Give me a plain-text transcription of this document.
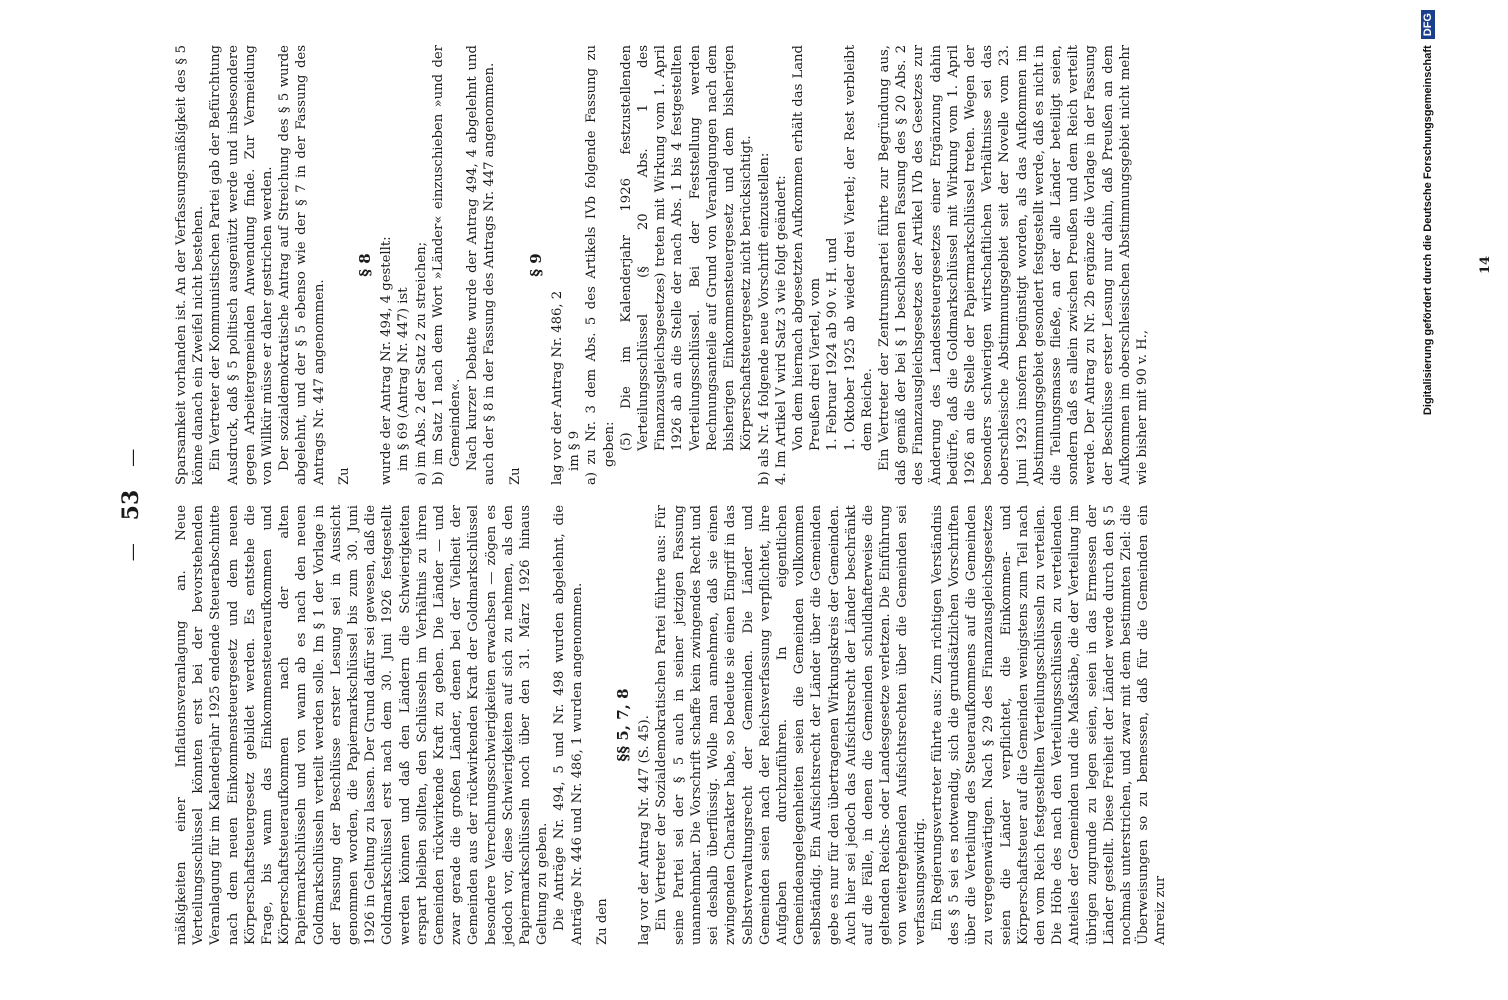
—   53   —

mäßigkeiten einer Inflationsveranlagung an. Neue Verteilungsschlüssel könnten erst bei der bevorstehenden Veranlagung für im Kalenderjahr 1925 endende Steuerabschnitte nach dem neuen Einkommensteuergesetz und dem neuen Körperschaftsteuergesetz gebildet werden. Es entstehe die Frage, bis wann das Einkommensteueraufkommen und Körperschaftsteueraufkommen nach der alten Papiermarkschlüsseln und von wann ab es nach den neuen Goldmarkschlüsseln verteilt werden solle. Im § 1 der Vorlage in der Fassung der Beschlüsse erster Lesung sei in Aussicht genommen worden, die Papiermarkschlüssel bis zum 30. Juni 1926 in Geltung zu lassen. Der Grund dafür sei gewesen, daß die Goldmarkschlüssel erst nach dem 30. Juni 1926 festgestellt werden können und daß den Ländern die Schwierigkeiten erspart bleiben sollten, den Schlüsseln im Verhältnis zu ihren Gemeinden rückwirkende Kraft zu geben. Die Länder — und zwar gerade die großen Länder, denen bei der Vielheit der Gemeinden aus der rückwirkenden Kraft der Goldmarkschlüssel besondere Verrechnungsschwierigkeiten erwachsen — zögen es jedoch vor, diese Schwierigkeiten auf sich zu nehmen, als den Papiermarkschlüsseln noch über den 31. März 1926 hinaus Geltung zu geben. Die Anträge Nr. 494, 5 und Nr. 498 wurden abgelehnt, die Anträge Nr. 446 und Nr. 486, 1 wurden angenommen. Zu den

§§ 5, 7, 8 lag vor der Antrag Nr. 447 (S. 45). Ein Vertreter der Sozialdemokratischen Partei führte aus: Für seine Partei sei der § 5 auch in seiner jetzigen Fassung unannehmbar. Die Vorschrift schaffe kein zwingendes Recht und sei deshalb überflüssig. Wolle man annehmen, daß sie einen zwingenden Charakter habe, so bedeute sie einen Eingriff in das Selbstverwaltungsrecht der Gemeinden. Die Länder und Gemeinden seien nach der Reichsverfassung verpflichtet, ihre Aufgaben durchzuführen. In eigentlichen Gemeindeangelegenheiten seien die Gemeinden vollkommen selbständig. Ein Aufsichtsrecht der Länder über die Gemeinden gebe es nur für den übertragenen Wirkungskreis der Gemeinden. Auch hier sei jedoch das Aufsichtsrecht der Länder beschränkt auf die Fälle, in denen die Gemeinden schuldhafterweise die geltenden Reichs- oder Landesgesetze verletzen. Die Einführung von weitergehenden Aufsichtsrechten über die Gemeinden sei verfassungswidrig. Ein Regierungsvertreter führte aus: Zum richtigen Verständnis des § 5 sei es notwendig, sich die grundsätzlichen Vorschriften über die Verteilung des Steueraufkommens auf die Gemeinden zu vergegenwärtigen. Nach § 29 des Finanzausgleichsgesetzes seien die Länder verpflichtet, die Einkommen- und Körperschaftsteuer auf die Gemeinden wenigstens zum Teil nach den vom Reich festgestellten Verteilungsschlüsseln zu verteilen. Die Höhe des nach den Verteilungsschlüsseln zu verteilenden Anteiles der Gemeinden und die Maßstäbe, die der Verteilung im übrigen zugrunde zu legen seien, seien in das Ermessen der Länder gestellt. Diese Freiheit der Länder werde durch den § 5 nochmals unterstrichen, und zwar mit dem bestimmten Ziel: die Überweisungen so zu bemessen, daß für die Gemeinden ein Anreiz zur

Sparsamkeit vorhanden ist. An der Verfassungsmäßigkeit des § 5 könne danach ein Zweifel nicht bestehen. Ein Vertreter der Kommunistischen Partei gab der Befürchtung Ausdruck, daß § 5 politisch ausgenützt werde und insbesondere gegen Arbeitergemeinden Anwendung finde. Zur Vermeidung von Willkür müsse er daher gestrichen werden. Der sozialdemokratische Antrag auf Streichung des § 5 wurde abgelehnt, und der § 5 ebenso wie der § 7 in der Fassung des Antrags Nr. 447 angenommen. Zu

§ 8 wurde der Antrag Nr. 494, 4 gestellt: im § 69 (Antrag Nr. 447) ist a) im Abs. 2 der Satz 2 zu streichen; b) im Satz 1 nach dem Wort »Länder« einzuschieben »und der Gemeinden«. Nach kurzer Debatte wurde der Antrag 494, 4 abgelehnt und auch der § 8 in der Fassung des Antrags Nr. 447 angenommen. Zu

§ 9

lag vor der Antrag Nr. 486, 2 im § 9 a) zu Nr. 3 dem Abs. 5 des Artikels IVb folgende Fassung zu geben: (5) Die im Kalenderjahr 1926 festzustellenden Verteilungsschlüssel (§ 20 Abs. 1 des Finanzausgleichsgesetzes) treten mit Wirkung vom 1. April 1926 ab an die Stelle der nach Abs. 1 bis 4 festgestellten Verteilungsschlüssel. Bei der Feststellung werden Rechnungsanteile auf Grund von Veranlagungen nach dem bisherigen Einkommensteuergesetz und dem bisherigen Körperschaftsteuergesetz nicht berücksichtigt. b) als Nr. 4 folgende neue Vorschrift einzustellen: 4. Im Artikel V wird Satz 3 wie folgt geändert: Von dem hiernach abgesetzten Aufkommen erhält das Land Preußen drei Viertel, vom 1. Februar 1924 ab 90 v. H. und 1. Oktober 1925 ab wieder drei Viertel; der Rest verbleibt dem Reiche. Ein Vertreter der Zentrumspartei führte zur Begründung aus, daß gemäß der bei § 1 beschlossenen Fassung des § 20 Abs. 2 des Finanzausgleichsgesetzes der Artikel IVb des Gesetzes zur Änderung des Landessteuergesetzes einer Ergänzung dahin bedürfe, daß die Goldmarkschlüssel mit Wirkung vom 1. April 1926 an die Stelle der Papiermarkschlüssel treten. Wegen der besonders schwierigen wirtschaftlichen Verhältnisse sei das oberschlesische Abstimmungsgebiet seit der Novelle vom 23. Juni 1923 insofern begünstigt worden, als das Aufkommen im Abstimmungsgebiet gesondert festgestellt werde, daß es nicht in die Teilungsmasse fließe, an der alle Länder beteiligt seien, sondern daß es allein zwischen Preußen und dem Reich verteilt werde. Der Antrag zu Nr. 2b ergänze die Vorlage in der Fassung der Beschlüsse erster Lesung nur dahin, daß Preußen an dem Aufkommen im oberschlesischen Abstimmungsgebiet nicht mehr wie bisher mit 90 v. H.,

14
Digitalisierung gefördert durch die Deutsche Forschungsgemeinschaft DFG
